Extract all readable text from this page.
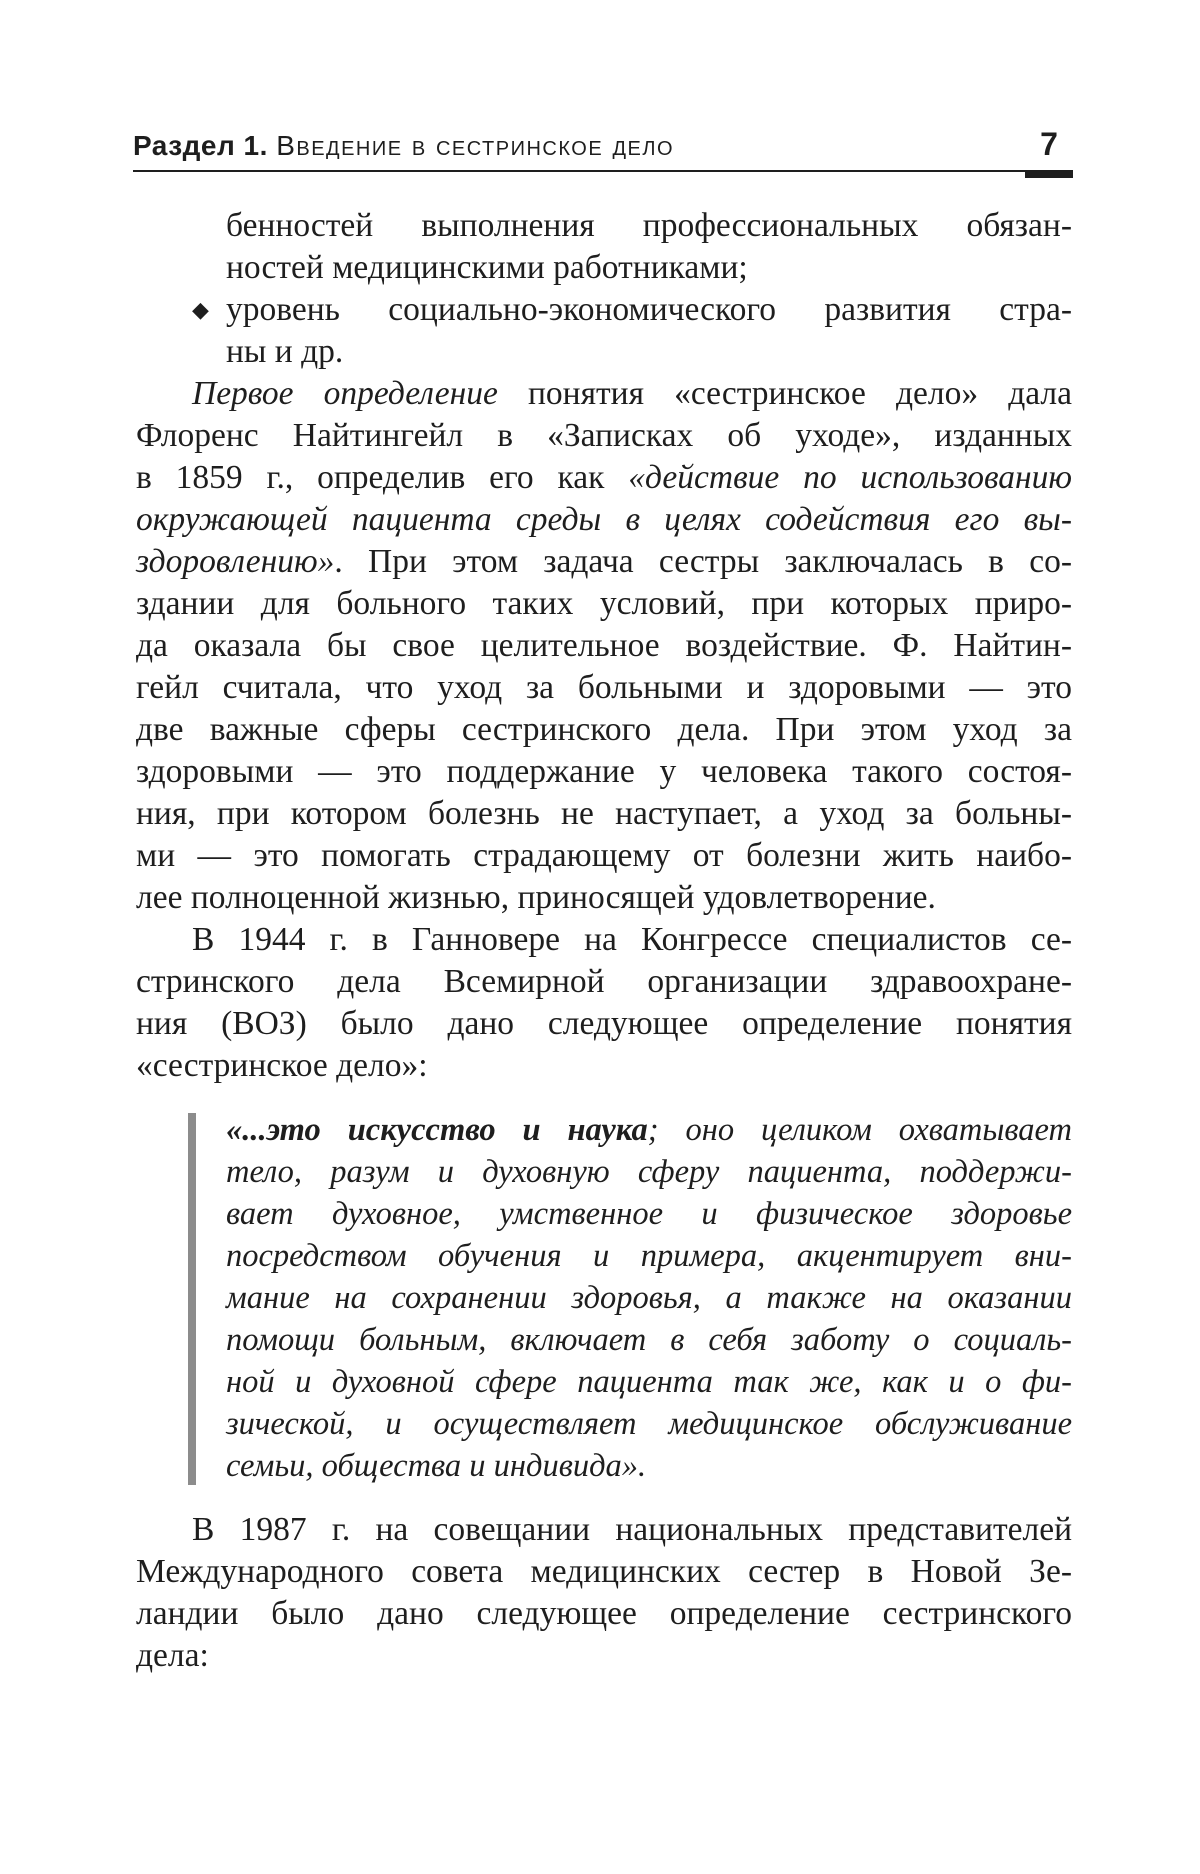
Раздел 1. Введение в сестринское дело	7
бенностей выполнения профессиональных обязан-
ностей медицинскими работниками;
◆ уровень социально-экономического развития стра-
ны и др.
Первое определение понятия «сестринское дело» дала
Флоренс Найтингейл в «Записках об уходе», изданных
в 1859 г., определив его как «действие по использованию
окружающей пациента среды в целях содействия его вы-
здоровлению». При этом задача сестры заключалась в со-
здании для больного таких условий, при которых приро-
да оказала бы свое целительное воздействие. Ф. Найтин-
гейл считала, что уход за больными и здоровыми — это
две важные сферы сестринского дела. При этом уход за
здоровыми — это поддержание у человека такого состоя-
ния, при котором болезнь не наступает, а уход за больны-
ми — это помогать страдающему от болезни жить наибо-
лее полноценной жизнью, приносящей удовлетворение.
В 1944 г. в Ганновере на Конгрессе специалистов се-
стринского дела Всемирной организации здравоохране-
ния (ВОЗ) было дано следующее определение понятия
«сестринское дело»:
«...это искусство и наука; оно целиком охватывает
тело, разум и духовную сферу пациента, поддержи-
вает духовное, умственное и физическое здоровье
посредством обучения и примера, акцентирует вни-
мание на сохранении здоровья, а также на оказании
помощи больным, включает в себя заботу о социаль-
ной и духовной сфере пациента так же, как и о фи-
зической, и осуществляет медицинское обслуживание
семьи, общества и индивида».
В 1987 г. на совещании национальных представителей
Международного совета медицинских сестер в Новой Зе-
ландии было дано следующее определение сестринского
дела:
